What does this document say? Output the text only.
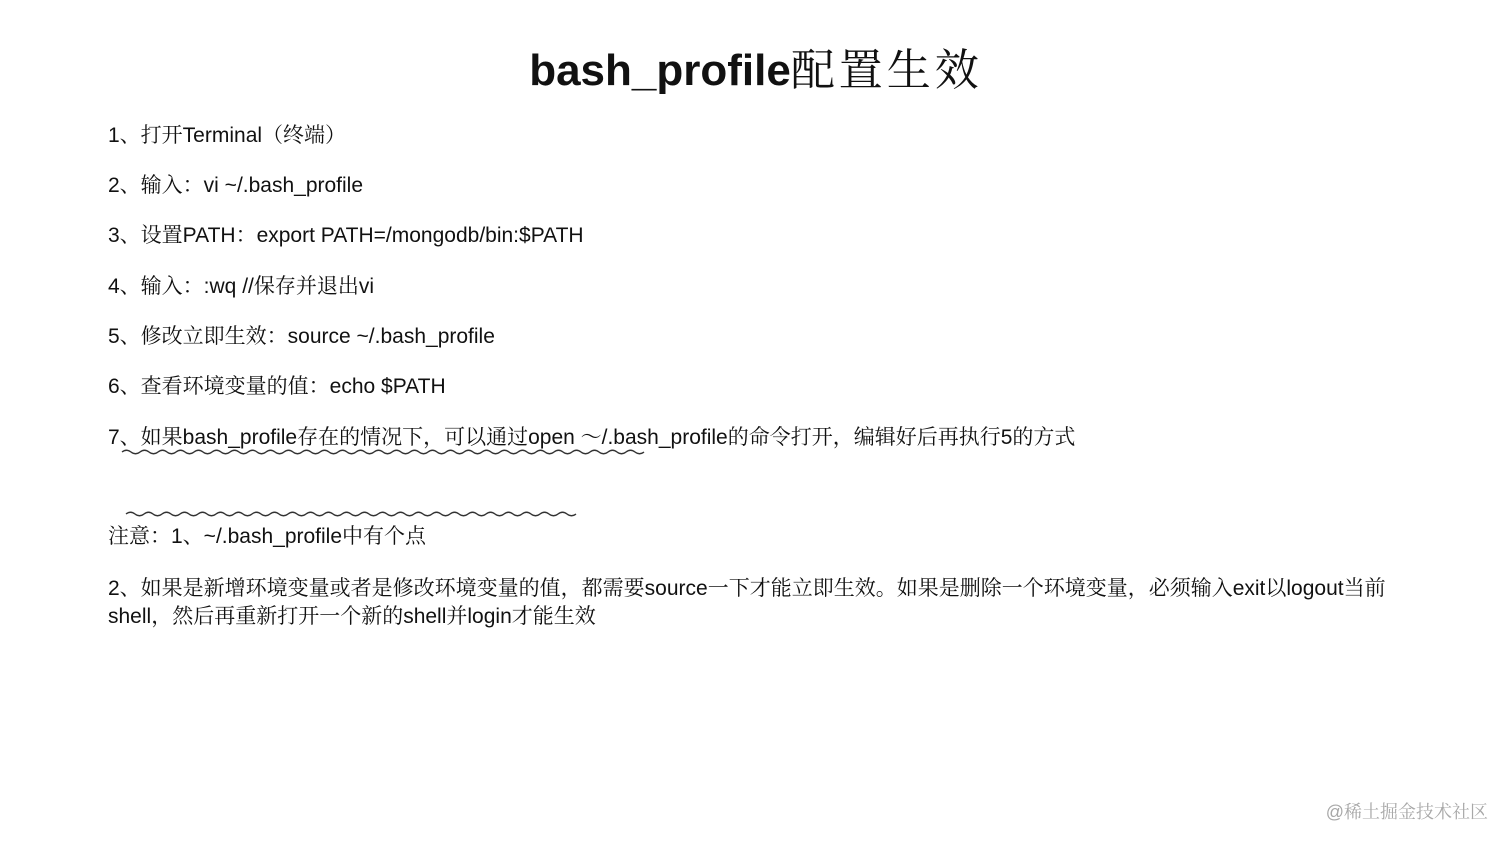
bash_profile配置生效
1、打开Terminal（终端）
2、输入：vi ~/.bash_profile
3、设置PATH：export PATH=/mongodb/bin:$PATH
4、输入：:wq //保存并退出vi
5、修改立即生效：source ~/.bash_profile
6、查看环境变量的值：echo $PATH
7、如果bash_profile存在的情况下，可以通过open ～/.bash_profile的命令打开，编辑好后再执行5的方式
注意：1、~/.bash_profile中有个点
2、如果是新增环境变量或者是修改环境变量的值，都需要source一下才能立即生效。如果是删除一个环境变量，必须输入exit以logout当前shell，然后再重新打开一个新的shell并login才能生效
@稀土掘金技术社区
